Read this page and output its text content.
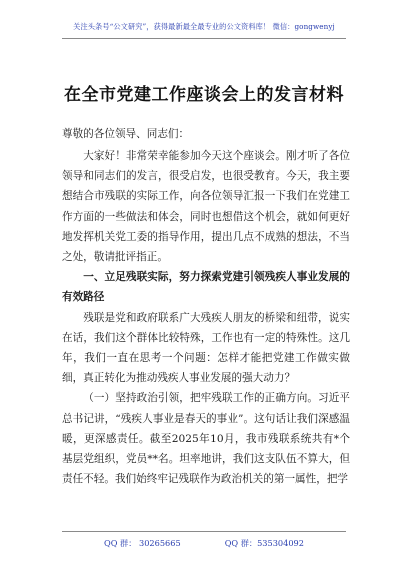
关注头条号“公文研究”，获得最新最全最专业的公文资料库！ 微信：gongwenyj
在全市党建工作座谈会上的发言材料

尊敬的各位领导、同志们：

大家好！非常荣幸能参加今天这个座谈会。刚才听了各位领导和同志们的发言，很受启发，也很受教育。今天，我主要想结合市残联的实际工作，向各位领导汇报一下我们在党建工作方面的一些做法和体会，同时也想借这个机会，就如何更好地发挥机关党工委的指导作用，提出几点不成熟的想法，不当之处，敬请批评指正。

一、立足残联实际，努力探索党建引领残疾人事业发展的有效路径

残联是党和政府联系广大残疾人朋友的桥梁和纽带，说实在话，我们这个群体比较特殊，工作也有一定的特殊性。这几年，我们一直在思考一个问题：怎样才能把党建工作做实做细，真正转化为推动残疾人事业发展的强大动力？

（一）坚持政治引领，把牢残联工作的正确方向。习近平总书记讲，“残疾人事业是春天的事业”。这句话让我们深感温暖，更深感责任。截至2025年10月，我市残联系统共有*个基层党组织，党员**名。坦率地讲，我们这支队伍不算大，但责任不轻。我们始终牢记残联作为政治机关的第一属性，把学

QQ 群： 30265665	QQ 群：535304092
